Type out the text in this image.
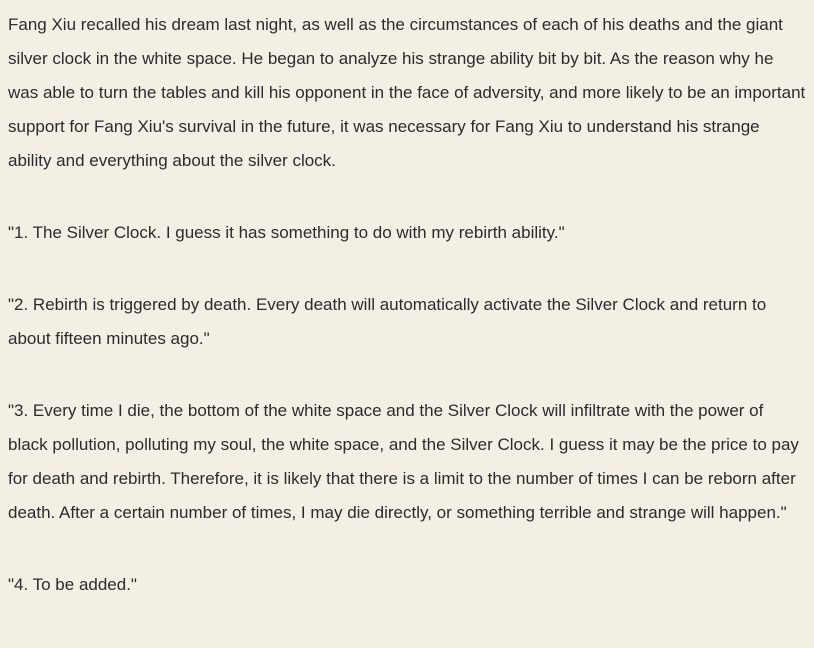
Fang Xiu recalled his dream last night, as well as the circumstances of each of his deaths and the giant silver clock in the white space. He began to analyze his strange ability bit by bit. As the reason why he was able to turn the tables and kill his opponent in the face of adversity, and more likely to be an important support for Fang Xiu's survival in the future, it was necessary for Fang Xiu to understand his strange ability and everything about the silver clock.

"1. The Silver Clock. I guess it has something to do with my rebirth ability."

"2. Rebirth is triggered by death. Every death will automatically activate the Silver Clock and return to about fifteen minutes ago."

"3. Every time I die, the bottom of the white space and the Silver Clock will infiltrate with the power of black pollution, polluting my soul, the white space, and the Silver Clock. I guess it may be the price to pay for death and rebirth. Therefore, it is likely that there is a limit to the number of times I can be reborn after death. After a certain number of times, I may die directly, or something terrible and strange will happen."

"4. To be added."
